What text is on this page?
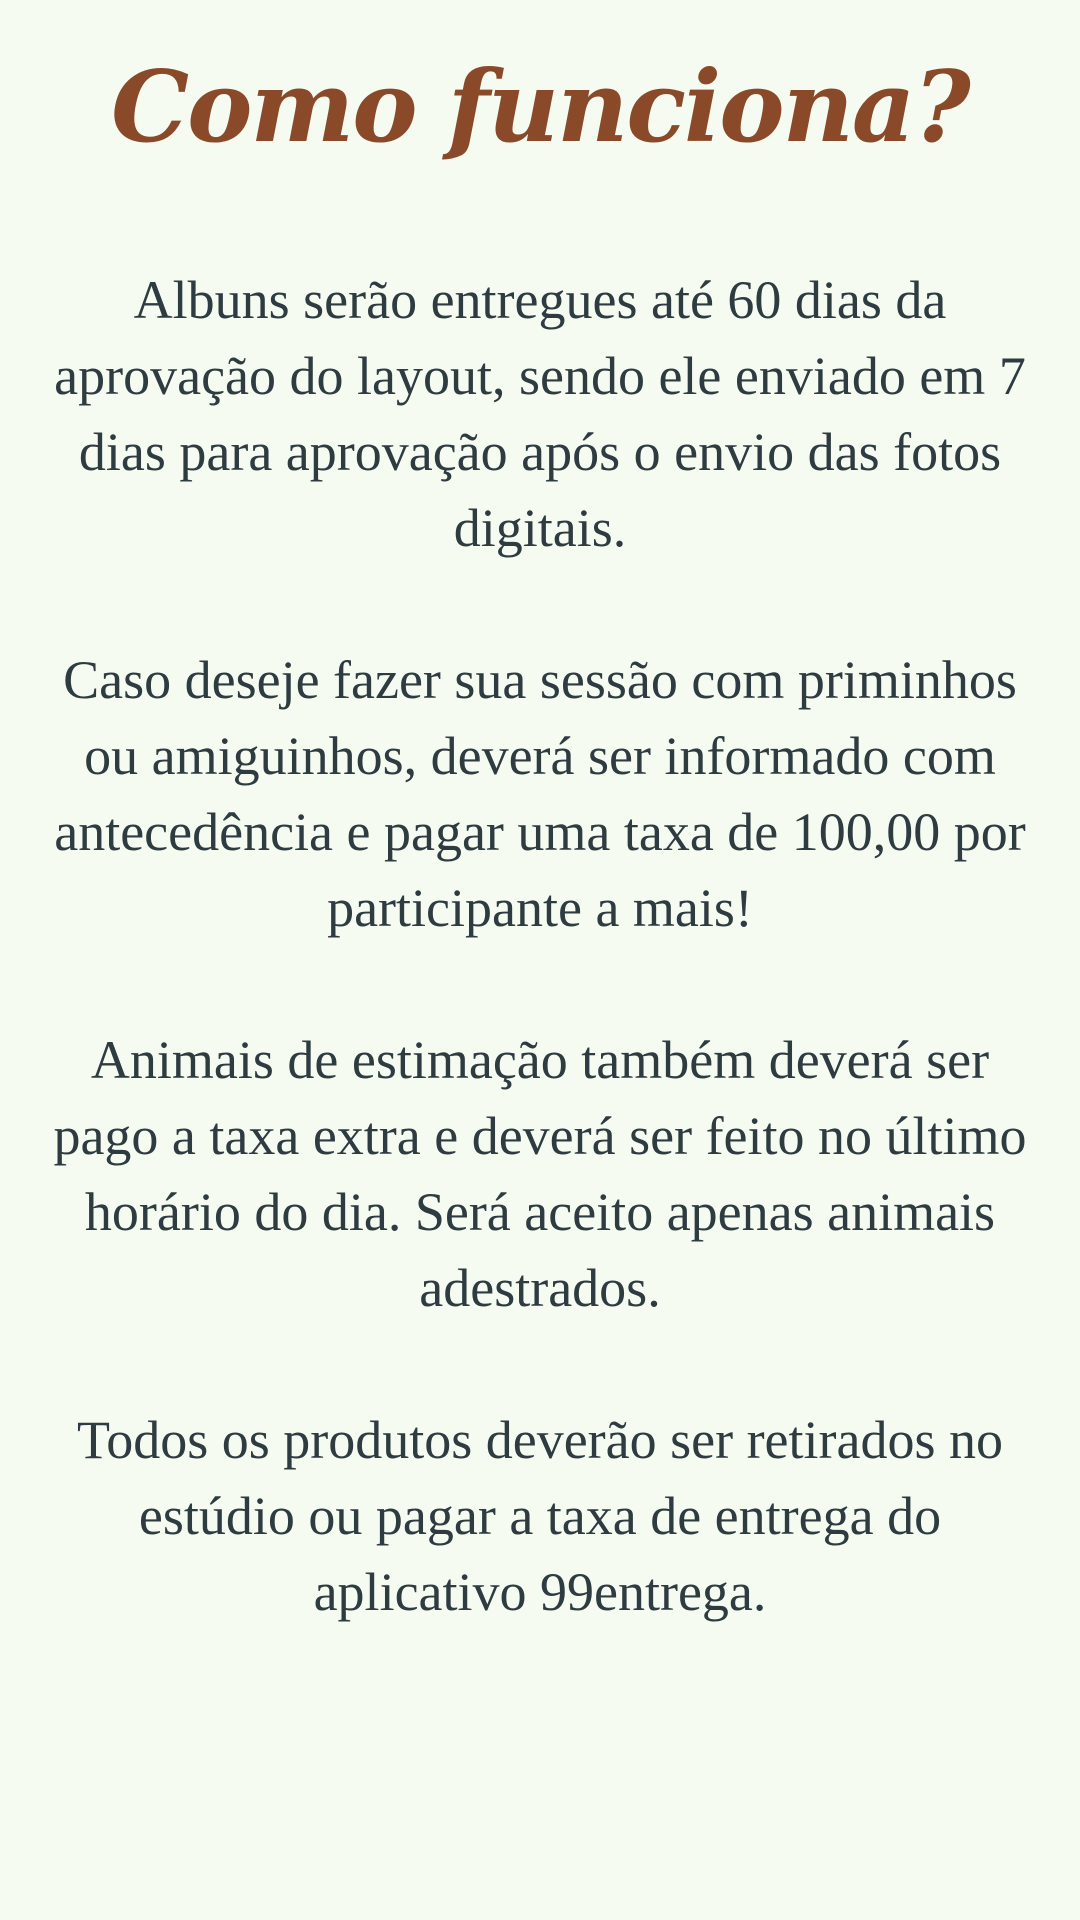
Como funciona?

Albuns serão entregues até 60 dias da aprovação do layout, sendo ele enviado em 7 dias para aprovação após o envio das fotos digitais.

Caso deseje fazer sua sessão com priminhos ou amiguinhos, deverá ser informado com antecedência e pagar uma taxa de 100,00 por participante a mais!

Animais de estimação também deverá ser pago a taxa extra e deverá ser feito no último horário do dia. Será aceito apenas animais adestrados.

Todos os produtos deverão ser retirados no estúdio ou pagar a taxa de entrega do aplicativo 99entrega.
